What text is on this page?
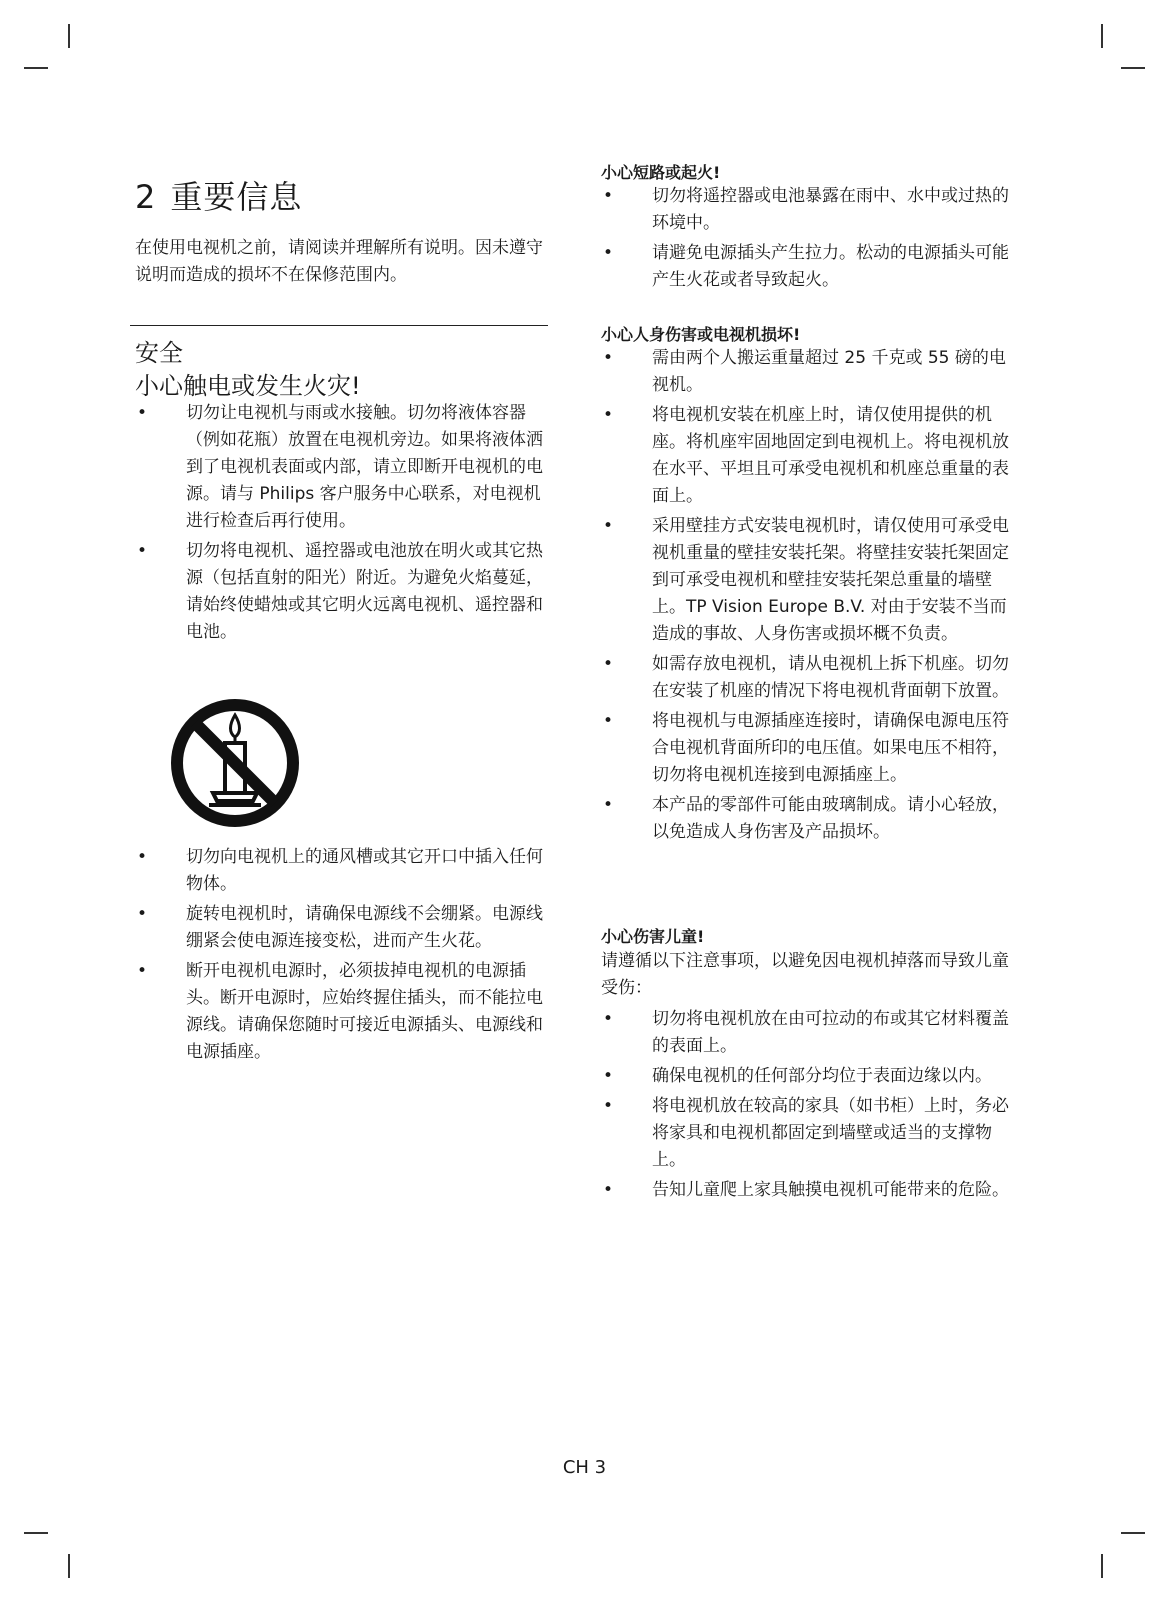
2 重要信息

在使用电视机之前，请阅读并理解所有说明。因未遵守说明而造成的损坏不在保修范围内。

安全
小心触电或发生火灾!
• 切勿让电视机与雨或水接触。切勿将液体容器（例如花瓶）放置在电视机旁边。如果将液体洒到了电视机表面或内部，请立即断开电视机的电源。请与 Philips 客户服务中心联系，对电视机进行检查后再行使用。
• 切勿将电视机、遥控器或电池放在明火或其它热源（包括直射的阳光）附近。为避免火焰蔓延，请始终使蜡烛或其它明火远离电视机、遥控器和电池。
• 切勿向电视机上的通风槽或其它开口中插入任何物体。
• 旋转电视机时，请确保电源线不会绷紧。电源线绷紧会使电源连接变松，进而产生火花。
• 断开电视机电源时，必须拔掉电视机的电源插头。断开电源时，应始终握住插头，而不能拉电源线。请确保您随时可接近电源插头、电源线和电源插座。
小心短路或起火!
• 切勿将遥控器或电池暴露在雨中、水中或过热的环境中。
• 请避免电源插头产生拉力。松动的电源插头可能产生火花或者导致起火。
小心人身伤害或电视机损坏!
• 需由两个人搬运重量超过 25 千克或 55 磅的电视机。
• 将电视机安装在机座上时，请仅使用提供的机座。将机座牢固地固定到电视机上。将电视机放在水平、平坦且可承受电视机和机座总重量的表面上。
• 采用壁挂方式安装电视机时，请仅使用可承受电视机重量的壁挂安装托架。将壁挂安装托架固定到可承受电视机和壁挂安装托架总重量的墙壁上。TP Vision Europe B.V. 对由于安装不当而造成的事故、人身伤害或损坏概不负责。
• 如需存放电视机，请从电视机上拆下机座。切勿在安装了机座的情况下将电视机背面朝下放置。
• 将电视机与电源插座连接时，请确保电源电压符合电视机背面所印的电压值。如果电压不相符，切勿将电视机连接到电源插座上。
• 本产品的零部件可能由玻璃制成。请小心轻放，以免造成人身伤害及产品损坏。
小心伤害儿童!

请遵循以下注意事项，以避免因电视机掉落而导致儿童受伤：

• 切勿将电视机放在由可拉动的布或其它材料覆盖的表面上。
• 确保电视机的任何部分均位于表面边缘以内。
• 将电视机放在较高的家具（如书柜）上时，务必将家具和电视机都固定到墙壁或适当的支撑物上。
• 告知儿童爬上家具触摸电视机可能带来的危险。
CH 3
